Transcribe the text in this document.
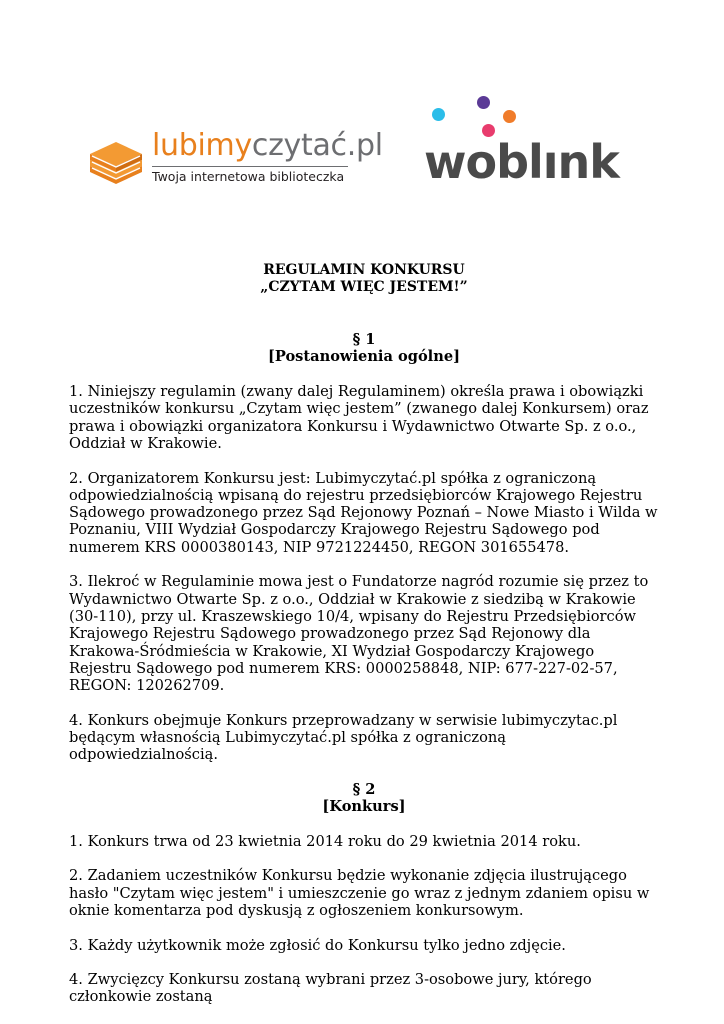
lubimyczytać.pl
Twoja internetowa biblioteczka woblınk
REGULAMIN KONKURSU

„CZYTAM WIĘC JESTEM!”

§ 1

[Postanowienia ogólne]

1. Niniejszy regulamin (zwany dalej Regulaminem) określa prawa i obowiązki uczestników konkursu „Czytam więc jestem” (zwanego dalej Konkursem) oraz prawa i obowiązki organizatora Konkursu i Wydawnictwo Otwarte Sp. z o.o., Oddział w Krakowie.

2. Organizatorem Konkursu jest: Lubimyczytać.pl spółka z ograniczoną odpowiedzialnością wpisaną do rejestru przedsiębiorców Krajowego Rejestru Sądowego prowadzonego przez Sąd Rejonowy Poznań – Nowe Miasto i Wilda w Poznaniu, VIII Wydział Gospodarczy Krajowego Rejestru Sądowego pod numerem KRS 0000380143, NIP 9721224450, REGON 301655478.

3. Ilekroć w Regulaminie mowa jest o Fundatorze nagród rozumie się przez to Wydawnictwo Otwarte Sp. z o.o., Oddział w Krakowie z siedzibą w Krakowie (30-110), przy ul. Kraszewskiego 10/4, wpisany do Rejestru Przedsiębiorców Krajowego Rejestru Sądowego prowadzonego przez Sąd Rejonowy dla Krakowa-Śródmieścia w Krakowie, XI Wydział Gospodarczy Krajowego Rejestru Sądowego pod numerem KRS: 0000258848, NIP: 677-227-02-57, REGON: 120262709.

4. Konkurs obejmuje Konkurs przeprowadzany w serwisie lubimyczytac.pl będącym własnością Lubimyczytać.pl spółka z ograniczoną odpowiedzialnością.

§ 2

[Konkurs]

1. Konkurs trwa od 23 kwietnia 2014 roku do 29 kwietnia 2014 roku.

2. Zadaniem uczestników Konkursu będzie wykonanie zdjęcia ilustrującego hasło "Czytam więc jestem" i umieszczenie go wraz z jednym zdaniem opisu w oknie komentarza pod dyskusją z ogłoszeniem konkursowym.

3. Każdy użytkownik może zgłosić do Konkursu tylko jedno zdjęcie.

4. Zwycięzcy Konkursu zostaną wybrani przez 3-osobowe jury, którego członkowie zostaną
